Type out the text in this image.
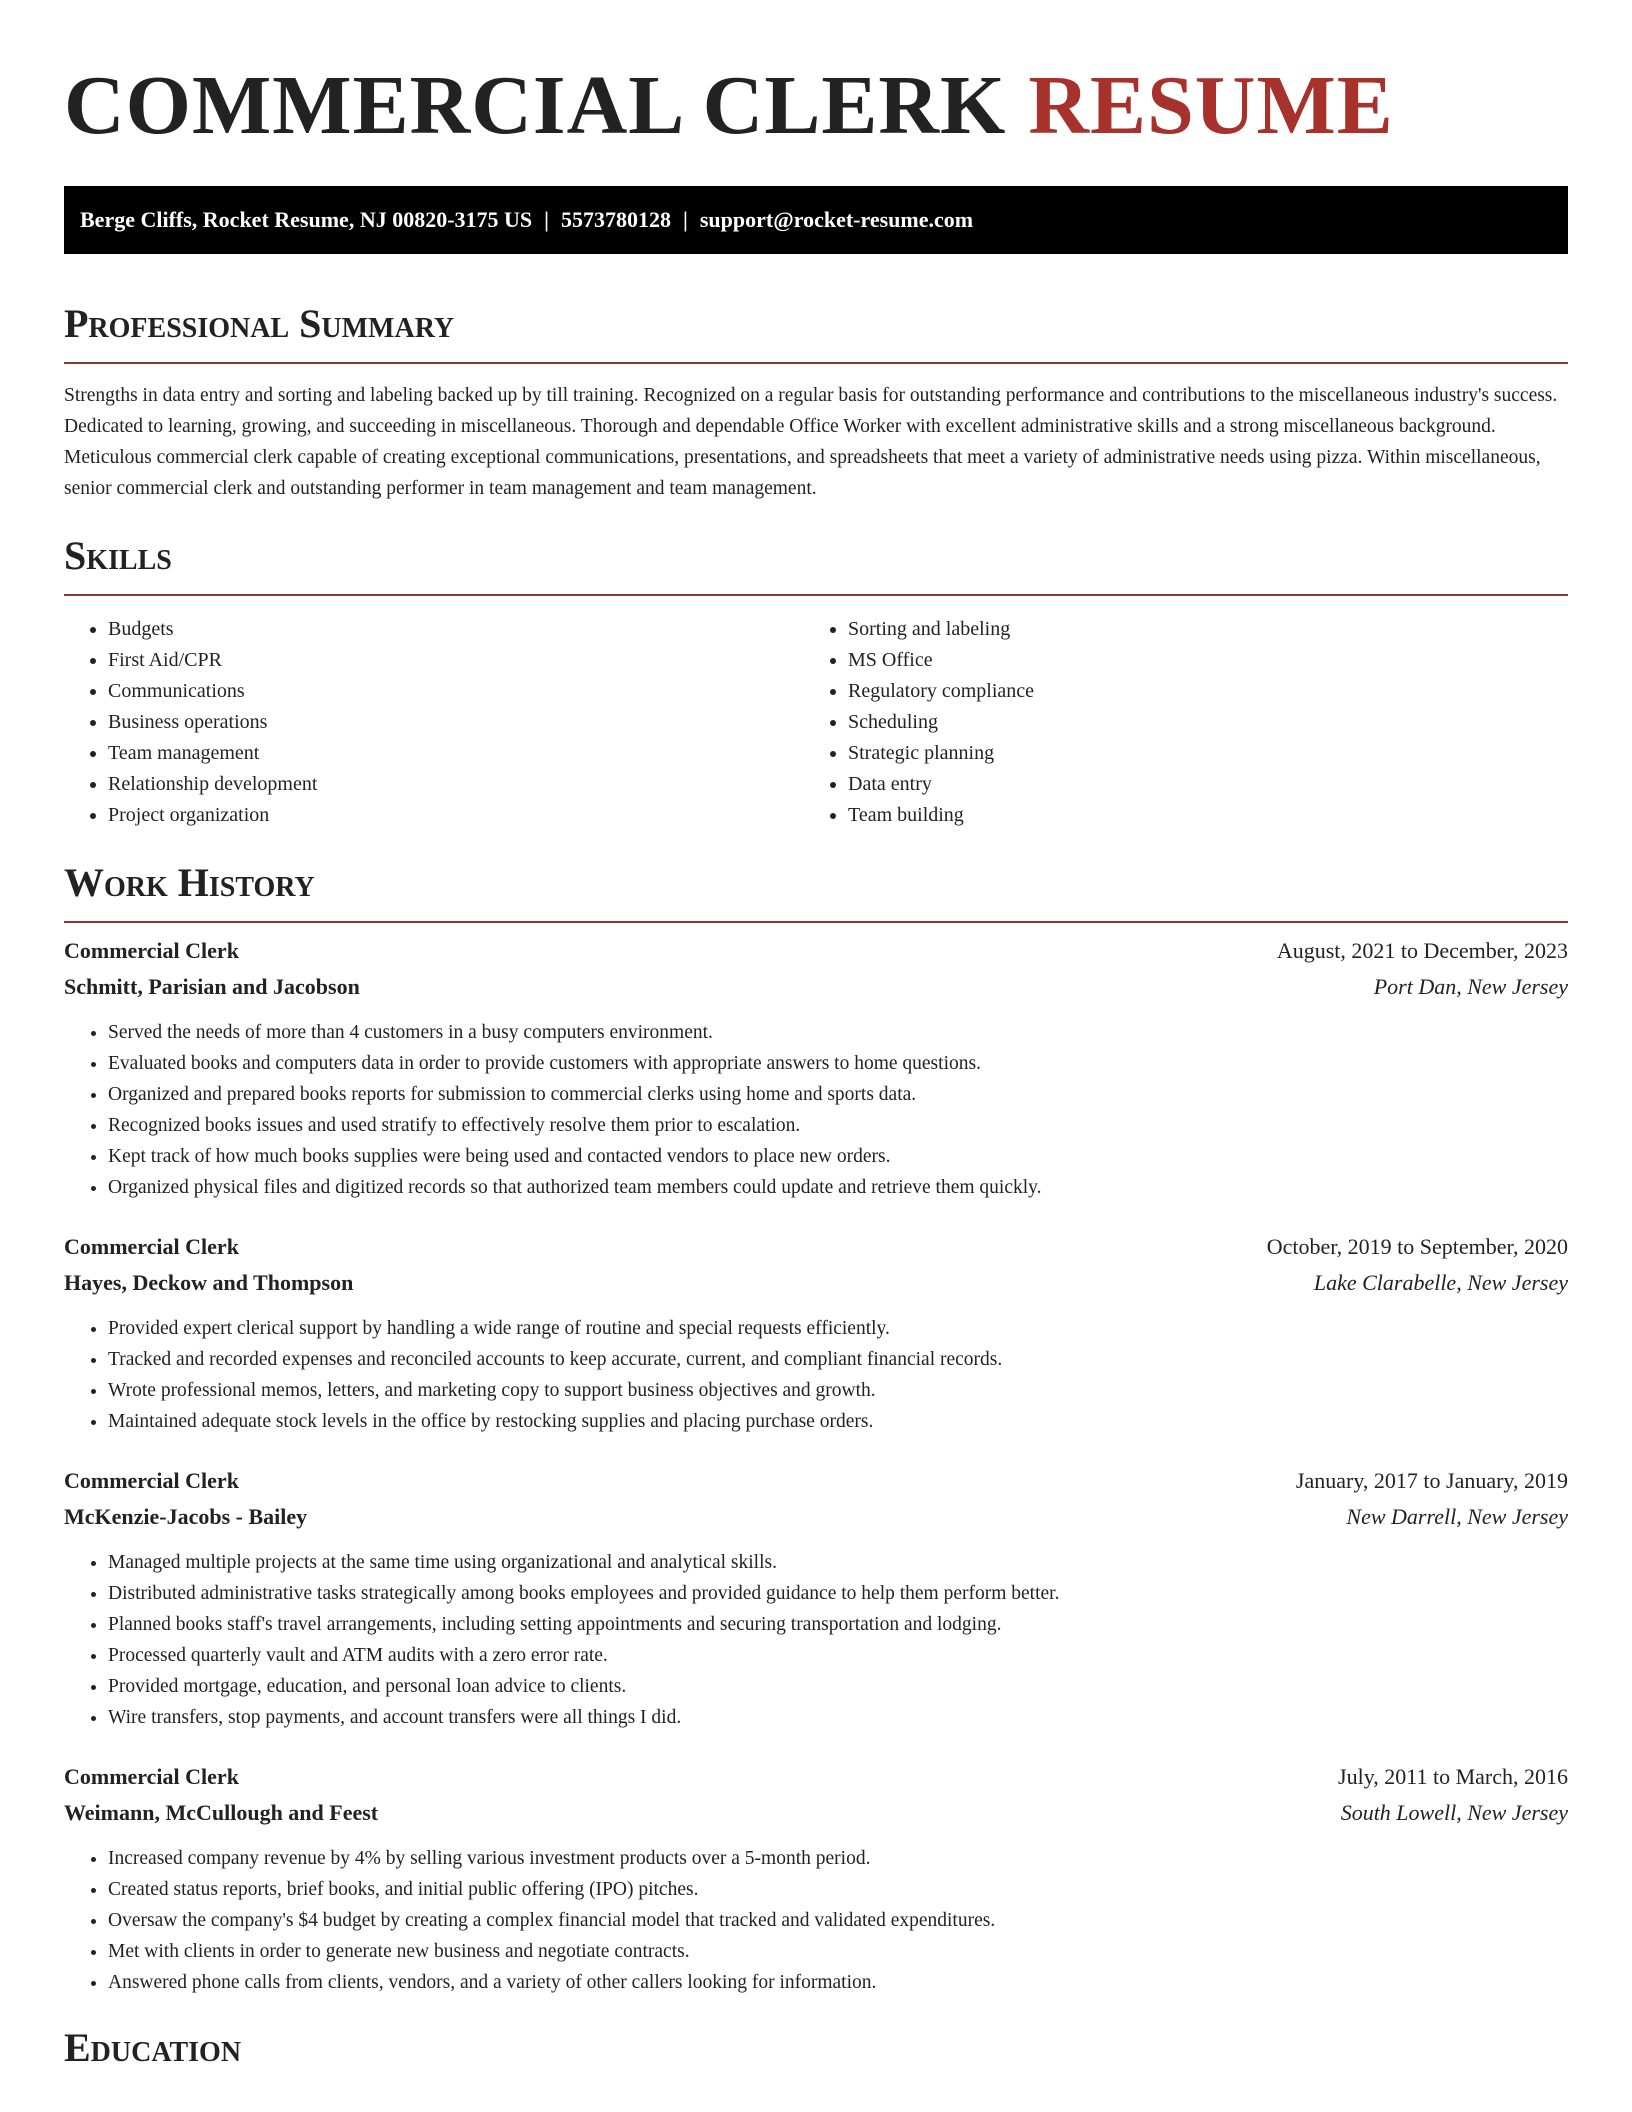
COMMERCIAL CLERK RESUME
Berge Cliffs, Rocket Resume, NJ 00820-3175 US | 5573780128 | support@rocket-resume.com
Professional Summary

Strengths in data entry and sorting and labeling backed up by till training. Recognized on a regular basis for outstanding performance and contributions to the miscellaneous industry's success. Dedicated to learning, growing, and succeeding in miscellaneous. Thorough and dependable Office Worker with excellent administrative skills and a strong miscellaneous background. Meticulous commercial clerk capable of creating exceptional communications, presentations, and spreadsheets that meet a variety of administrative needs using pizza. Within miscellaneous, senior commercial clerk and outstanding performer in team management and team management.

Skills
• Budgets
• First Aid/CPR
• Communications
• Business operations
• Team management
• Relationship development
• Project organization
• Sorting and labeling
• MS Office
• Regulatory compliance
• Scheduling
• Strategic planning
• Data entry
• Team building
Work History
Commercial Clerk	August, 2021 to December, 2023
Schmitt, Parisian and Jacobson	Port Dan, New Jersey
• Served the needs of more than 4 customers in a busy computers environment.
• Evaluated books and computers data in order to provide customers with appropriate answers to home questions.
• Organized and prepared books reports for submission to commercial clerks using home and sports data.
• Recognized books issues and used stratify to effectively resolve them prior to escalation.
• Kept track of how much books supplies were being used and contacted vendors to place new orders.
• Organized physical files and digitized records so that authorized team members could update and retrieve them quickly.
Commercial Clerk	October, 2019 to September, 2020
Hayes, Deckow and Thompson	Lake Clarabelle, New Jersey
• Provided expert clerical support by handling a wide range of routine and special requests efficiently.
• Tracked and recorded expenses and reconciled accounts to keep accurate, current, and compliant financial records.
• Wrote professional memos, letters, and marketing copy to support business objectives and growth.
• Maintained adequate stock levels in the office by restocking supplies and placing purchase orders.
Commercial Clerk	January, 2017 to January, 2019
McKenzie-Jacobs - Bailey	New Darrell, New Jersey
• Managed multiple projects at the same time using organizational and analytical skills.
• Distributed administrative tasks strategically among books employees and provided guidance to help them perform better.
• Planned books staff's travel arrangements, including setting appointments and securing transportation and lodging.
• Processed quarterly vault and ATM audits with a zero error rate.
• Provided mortgage, education, and personal loan advice to clients.
• Wire transfers, stop payments, and account transfers were all things I did.
Commercial Clerk	July, 2011 to March, 2016
Weimann, McCullough and Feest	South Lowell, New Jersey
• Increased company revenue by 4% by selling various investment products over a 5-month period.
• Created status reports, brief books, and initial public offering (IPO) pitches.
• Oversaw the company's $4 budget by creating a complex financial model that tracked and validated expenditures.
• Met with clients in order to generate new business and negotiate contracts.
• Answered phone calls from clients, vendors, and a variety of other callers looking for information.
Education
